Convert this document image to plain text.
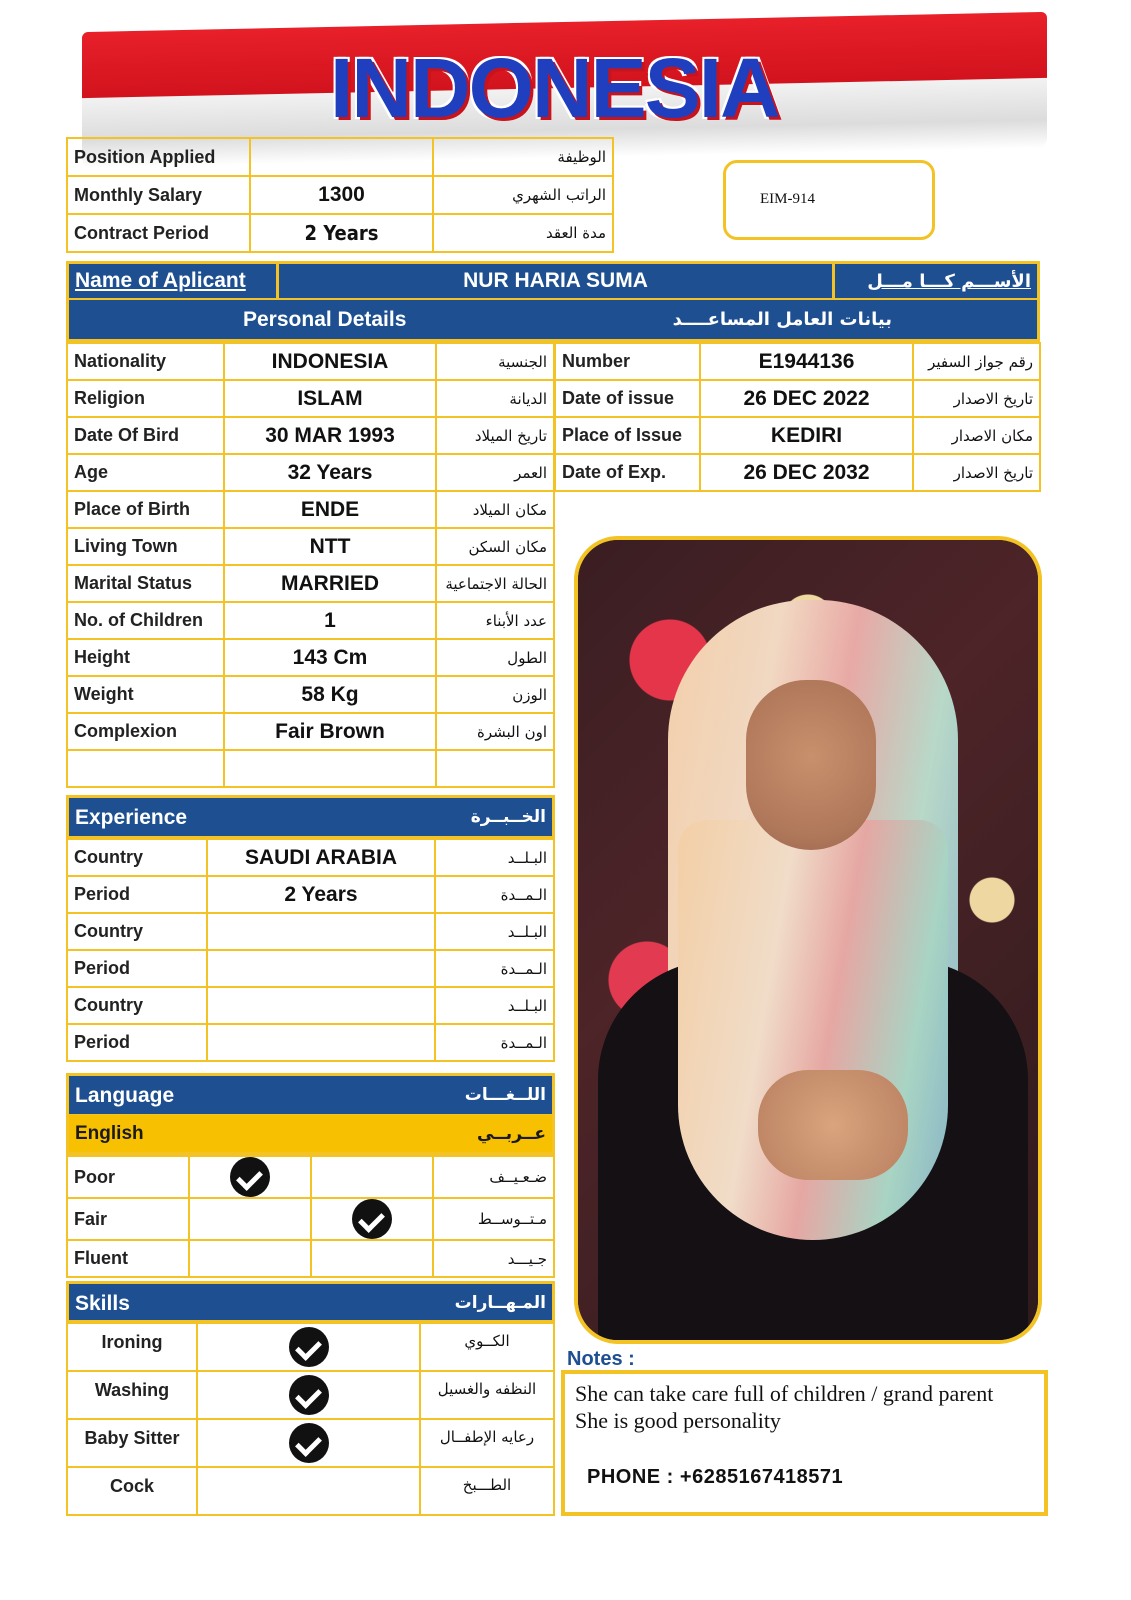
INDONESIA
Position Applied		الوظيفة
Monthly Salary	1300	الراتب الشهري
Contract Period	2 Years	مدة العقد
EIM-914
Name of Aplicant	NUR HARIA SUMA	الأســـم كـــا مـــل
Personal Details	بيانات العامل المساعــــد
Nationality	INDONESIA	الجنسية
Religion	ISLAM	الديانة
Date Of Bird	30 MAR 1993	تاريخ الميلاد
Age	32 Years	العمر
Place of Birth	ENDE	مكان الميلاد
Living Town	NTT	مكان السكن
Marital Status	MARRIED	الحالة الاجتماعية
No. of Children	1	عدد الأبناء
Height	143 Cm	الطول
Weight	58 Kg	الوزن
Complexion	Fair Brown	اون البشرة

Number	E1944136	رقم جواز السفير
Date of issue	26 DEC 2022	تاريخ الاصدار
Place of Issue	KEDIRI	مكان الاصدار
Date of Exp.	26 DEC 2032	تاريخ الاصدار
Experience	الخــبــرة
Country	SAUDI ARABIA	البـلــد
Period	2 Years	الـمــدة
Country		البـلــد
Period		الـمــدة
Country		البـلــد
Period		الـمــدة
Language	اللــغـــات
English	عــربــي
Poor			ضـعـيــف
Fair			مـتــوســط
Fluent			جـيـــد
Skills	المـهــارات
Ironing		الكــوي
Washing		النظفه والغسيل
Baby Sitter		رعايه الإطفــال
Cock		الطـــبخ
Notes :
She can take care full of children / grand parent
She is good personality
PHONE : +6285167418571
